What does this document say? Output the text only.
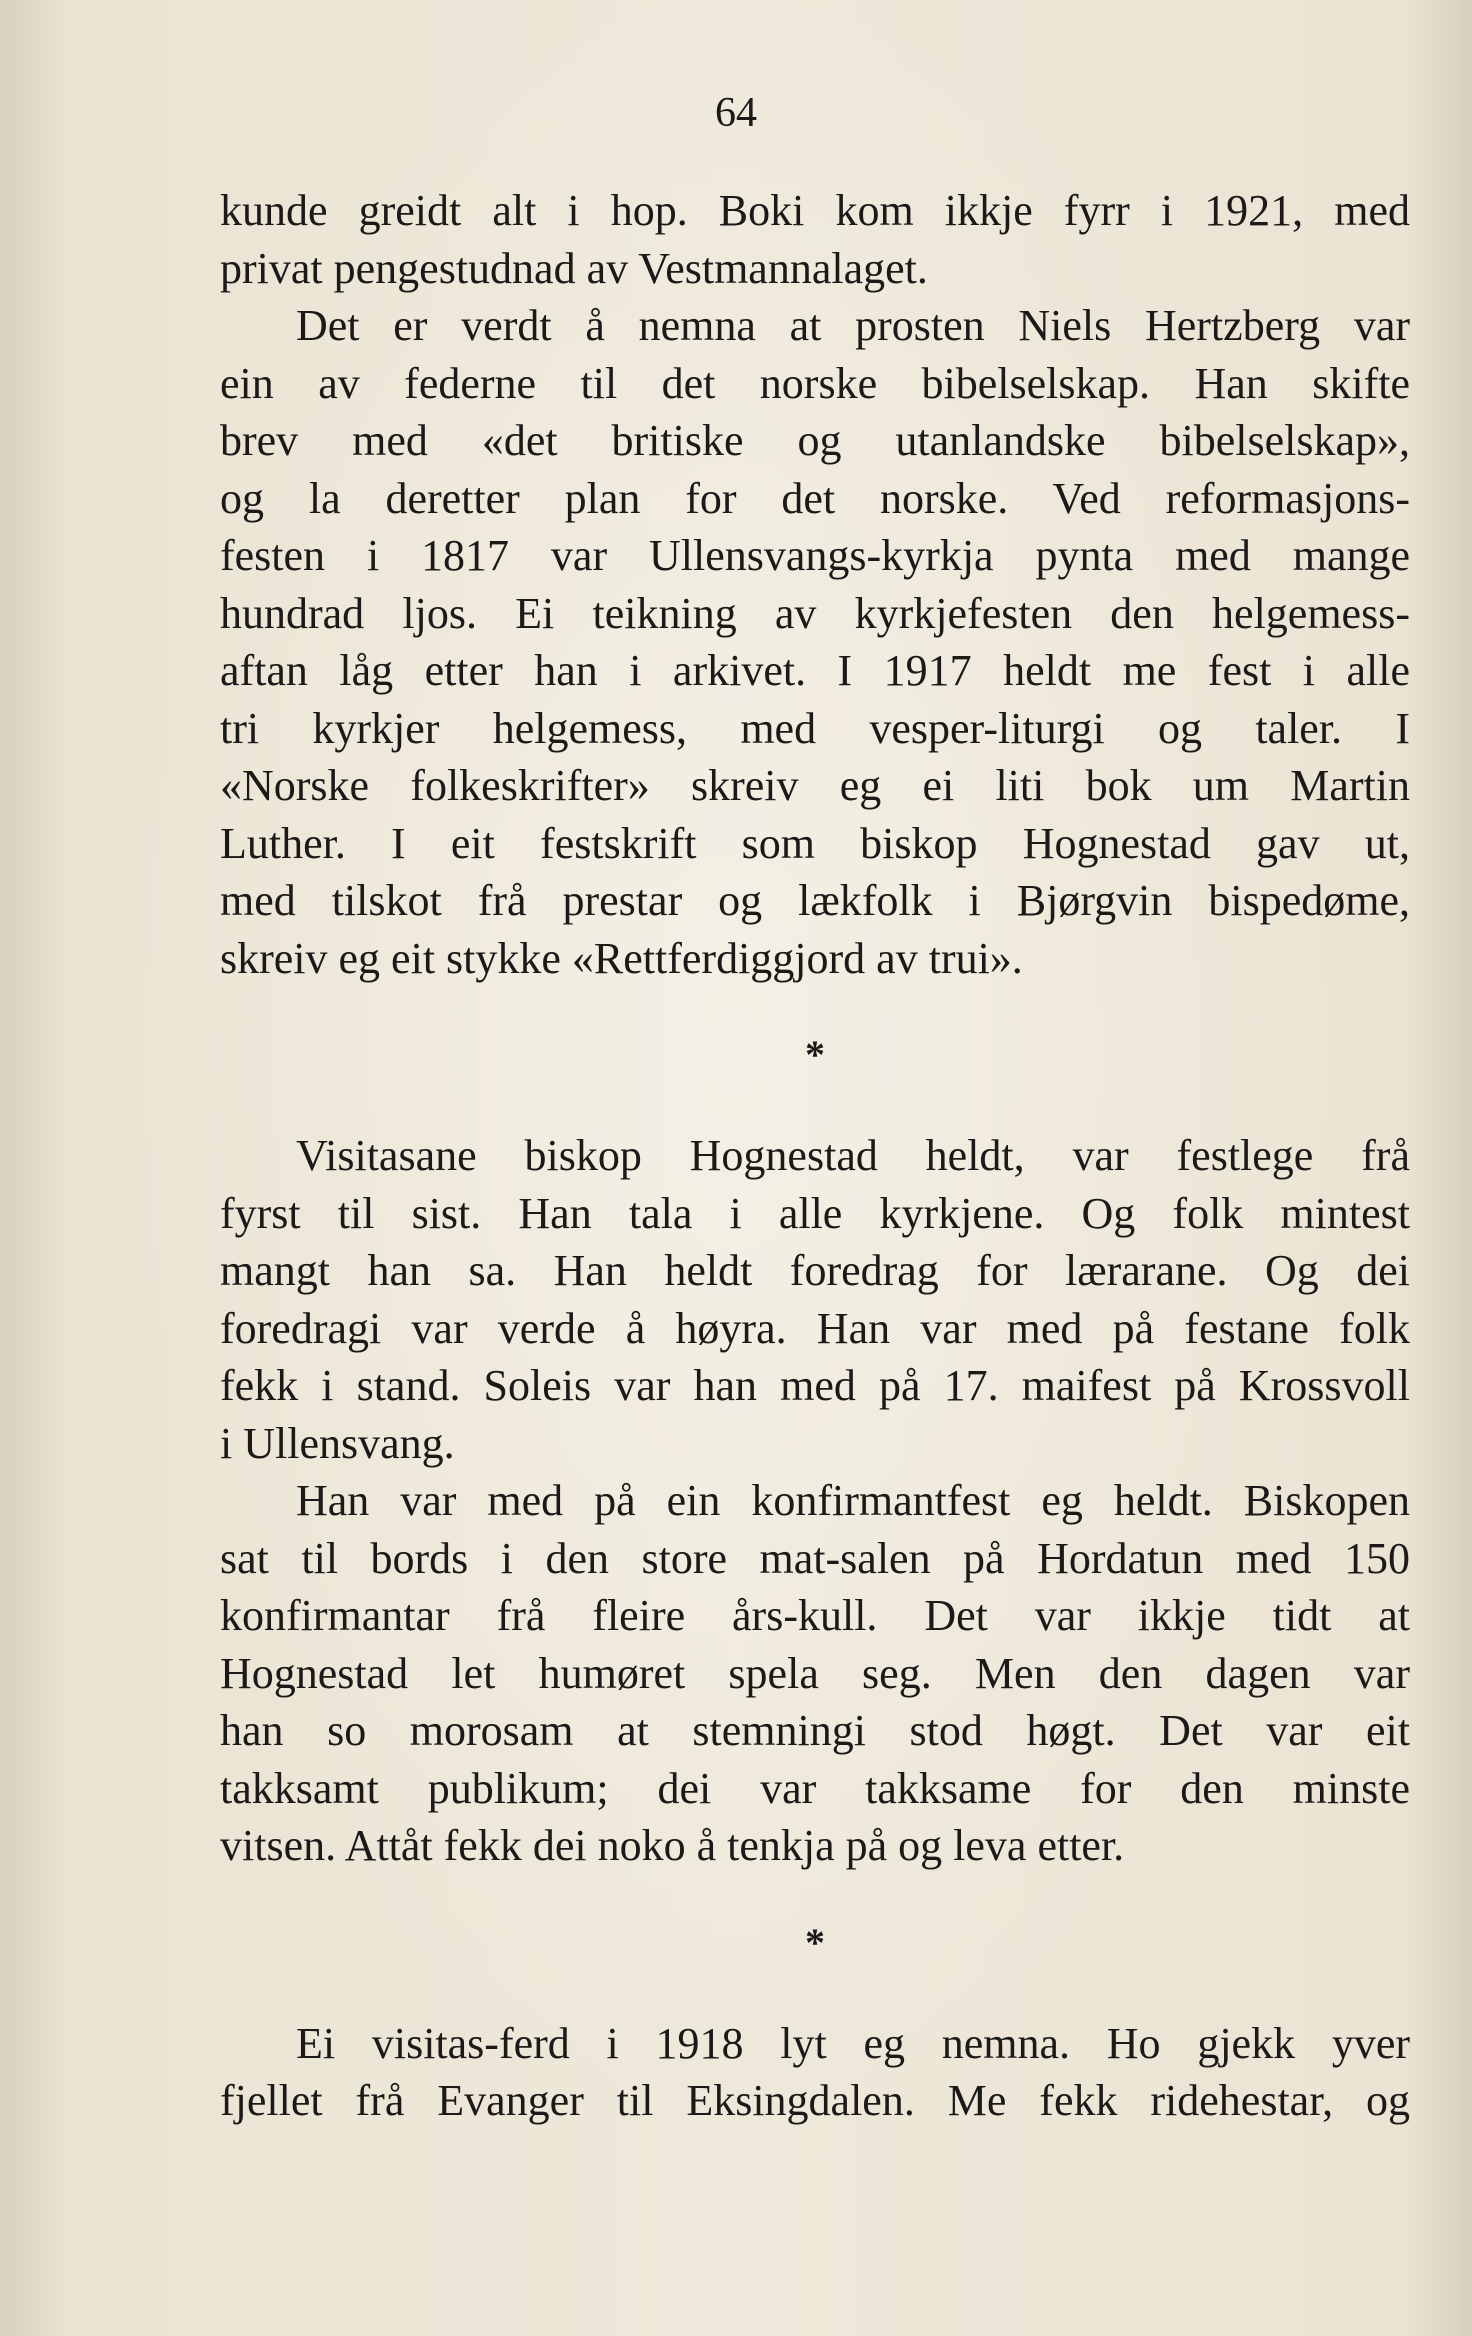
64
kunde greidt alt i hop. Boki kom ikkje fyrr i 1921, med
privat pengestudnad av Vestmannalaget.
Det er verdt å nemna at prosten Niels Hertzberg var
ein av federne til det norske bibelselskap. Han skifte
brev med «det britiske og utanlandske bibelselskap»,
og la deretter plan for det norske. Ved reformasjons-
festen i 1817 var Ullensvangs-kyrkja pynta med mange
hundrad ljos. Ei teikning av kyrkjefesten den helgemess-
aftan låg etter han i arkivet. I 1917 heldt me fest i alle
tri kyrkjer helgemess, med vesper-liturgi og taler. I
«Norske folkeskrifter» skreiv eg ei liti bok um Martin
Luther. I eit festskrift som biskop Hognestad gav ut,
med tilskot frå prestar og lækfolk i Bjørgvin bispedøme,
skreiv eg eit stykke «Rettferdiggjord av trui».
*
Visitasane biskop Hognestad heldt, var festlege frå
fyrst til sist. Han tala i alle kyrkjene. Og folk mintest
mangt han sa. Han heldt foredrag for lærarane. Og dei
foredragi var verde å høyra. Han var med på festane folk
fekk i stand. Soleis var han med på 17. maifest på Krossvoll
i Ullensvang.
Han var med på ein konfirmantfest eg heldt. Biskopen
sat til bords i den store mat-salen på Hordatun med 150
konfirmantar frå fleire års-kull. Det var ikkje tidt at
Hognestad let humøret spela seg. Men den dagen var
han so morosam at stemningi stod høgt. Det var eit
takksamt publikum; dei var takksame for den minste
vitsen. Attåt fekk dei noko å tenkja på og leva etter.
*
Ei visitas-ferd i 1918 lyt eg nemna. Ho gjekk yver
fjellet frå Evanger til Eksingdalen. Me fekk ridehestar, og
